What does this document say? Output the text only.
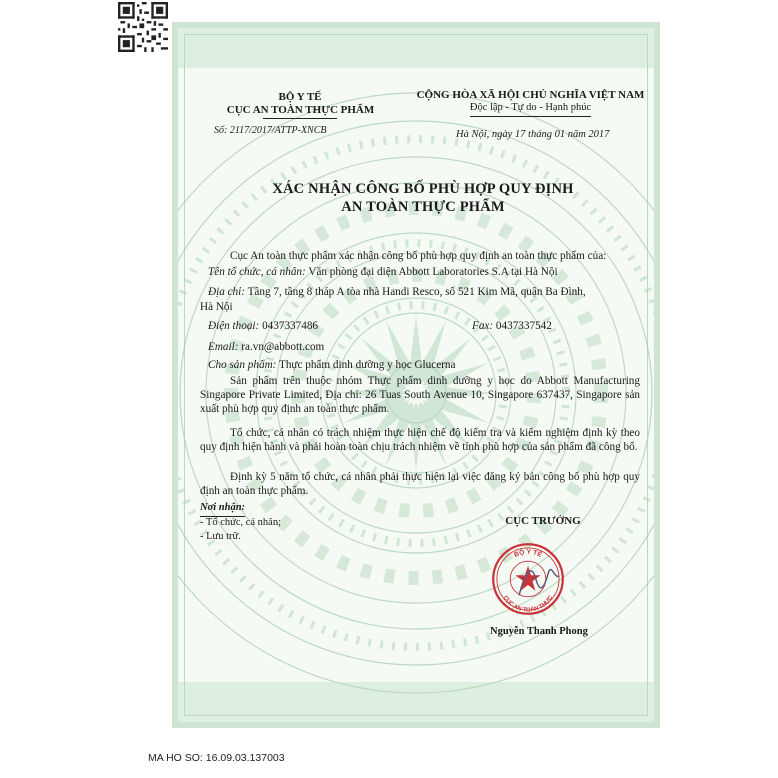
BỘ Y TẾ
CỤC AN TOÀN THỰC PHẨM
Số: 2117/2017/ATTP-XNCB
CỘNG HÒA XÃ HỘI CHỦ NGHĨA VIỆT NAM
Độc lập - Tự do - Hạnh phúc
Hà Nội, ngày 17 tháng 01 năm 2017
XÁC NHẬN CÔNG BỐ PHÙ HỢP QUY ĐỊNH
AN TOÀN THỰC PHẨM
Cục An toàn thực phẩm xác nhận công bố phù hợp quy định an toàn thực phẩm của:
Tên tổ chức, cá nhân: Văn phòng đại diện Abbott Laboratories S.A tại Hà Nội
Địa chỉ: Tầng 7, tầng 8 tháp A tòa nhà Handi Resco, số 521 Kim Mã, quận Ba Đình,
Hà Nội
Điện thoại: 0437337486	Fax: 0437337542
Email: ra.vn@abbott.com
Cho sản phẩm: Thực phẩm dinh dưỡng y học Glucerna
Sản phẩm trên thuộc nhóm Thực phẩm dinh dưỡng y học do Abbott Manufacturing Singapore Private Limited, Địa chỉ: 26 Tuas South Avenue 10, Singapore 637437, Singapore sản xuất phù hợp quy định an toàn thực phẩm.
Tổ chức, cá nhân có trách nhiệm thực hiện chế độ kiểm tra và kiểm nghiệm định kỳ theo quy định hiện hành và phải hoàn toàn chịu trách nhiệm về tính phù hợp của sản phẩm đã công bố.
Định kỳ 5 năm tổ chức, cá nhân phải thực hiện lại việc đăng ký bản công bố phù hợp quy định an toàn thực phẩm.
Nơi nhận:
- Tổ chức, cá nhân;
- Lưu trữ.
CỤC TRƯỞNG
BỘ Y TẾ
CỤC AN TOÀN THỰC
Nguyễn Thanh Phong
MA HO SO: 16.09.03.137003
